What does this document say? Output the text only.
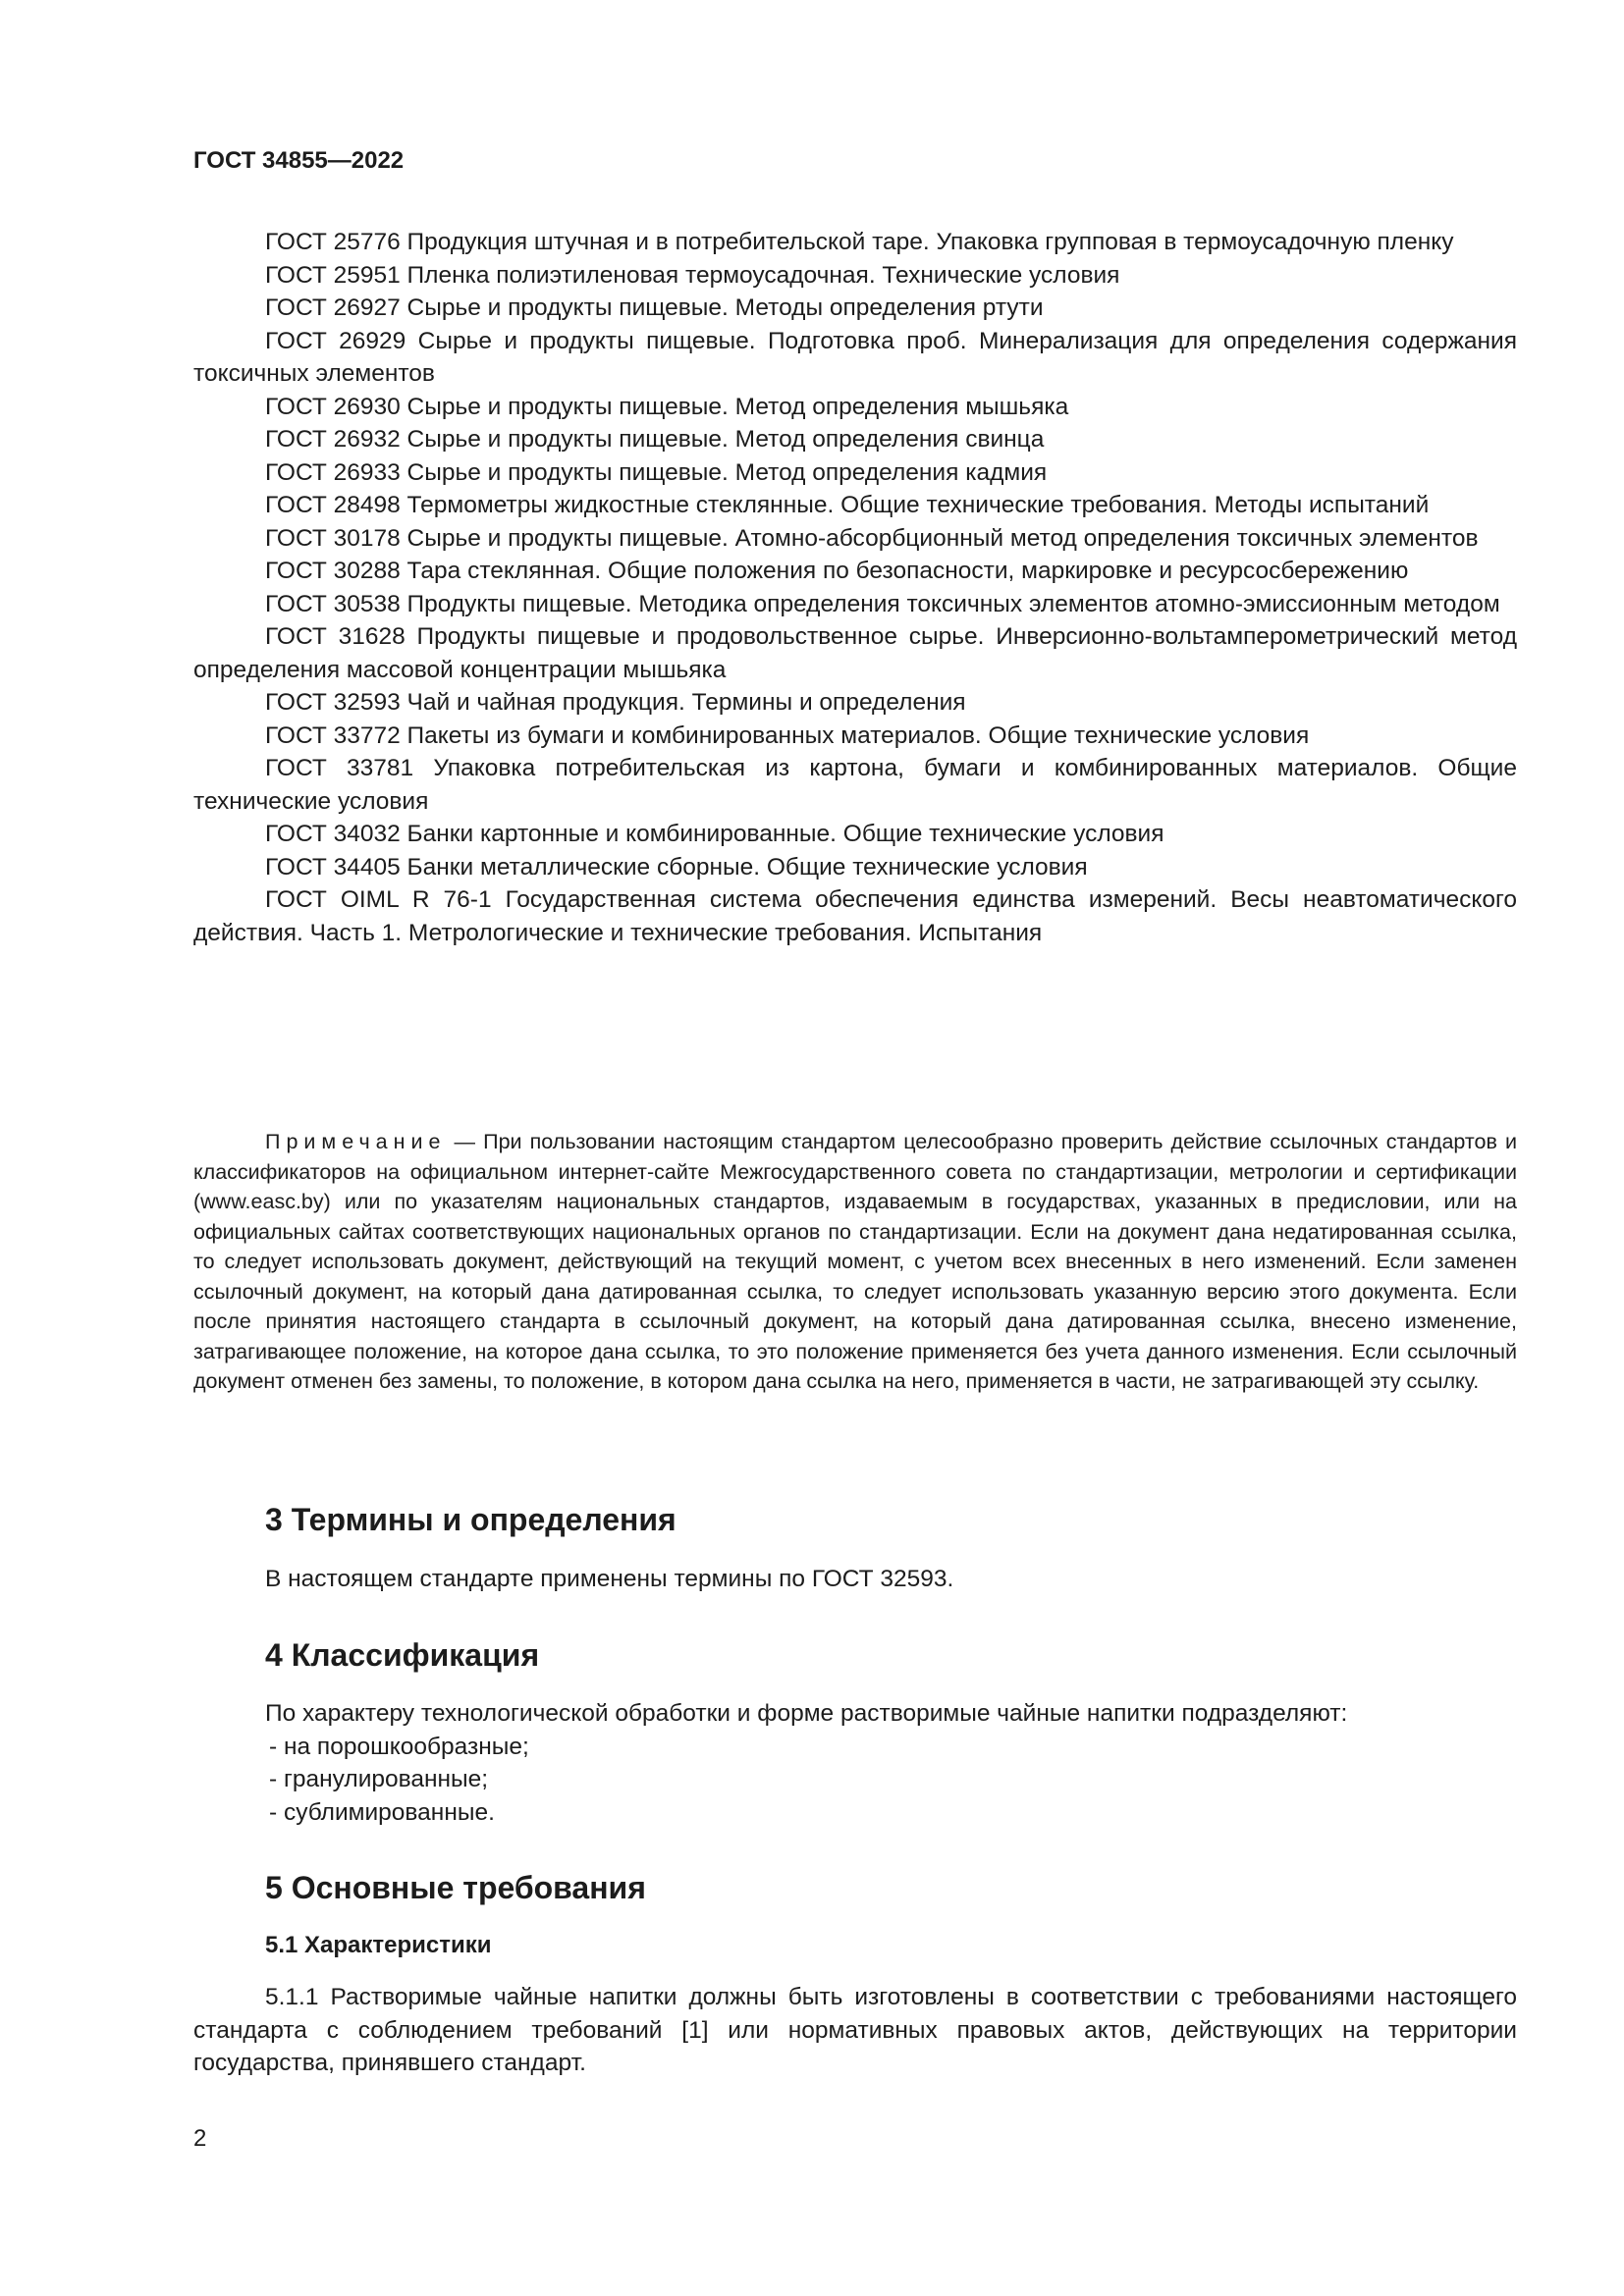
ГОСТ 34855—2022

ГОСТ 25776 Продукция штучная и в потребительской таре. Упаковка групповая в термоусадочную пленку

ГОСТ 25951 Пленка полиэтиленовая термоусадочная. Технические условия

ГОСТ 26927 Сырье и продукты пищевые. Методы определения ртути

ГОСТ 26929 Сырье и продукты пищевые. Подготовка проб. Минерализация для определения содержания токсичных элементов

ГОСТ 26930 Сырье и продукты пищевые. Метод определения мышьяка

ГОСТ 26932 Сырье и продукты пищевые. Метод определения свинца

ГОСТ 26933 Сырье и продукты пищевые. Метод определения кадмия

ГОСТ 28498 Термометры жидкостные стеклянные. Общие технические требования. Методы испытаний

ГОСТ 30178 Сырье и продукты пищевые. Атомно-абсорбционный метод определения токсичных элементов

ГОСТ 30288 Тара стеклянная. Общие положения по безопасности, маркировке и ресурсосбережению

ГОСТ 30538 Продукты пищевые. Методика определения токсичных элементов атомно-эмиссионным методом

ГОСТ 31628 Продукты пищевые и продовольственное сырье. Инверсионно-вольтамперометрический метод определения массовой концентрации мышьяка

ГОСТ 32593 Чай и чайная продукция. Термины и определения

ГОСТ 33772 Пакеты из бумаги и комбинированных материалов. Общие технические условия

ГОСТ 33781 Упаковка потребительская из картона, бумаги и комбинированных материалов. Общие технические условия

ГОСТ 34032 Банки картонные и комбинированные. Общие технические условия

ГОСТ 34405 Банки металлические сборные. Общие технические условия

ГОСТ OIML R 76-1 Государственная система обеспечения единства измерений. Весы неавтоматического действия. Часть 1. Метрологические и технические требования. Испытания

Примечание — При пользовании настоящим стандартом целесообразно проверить действие ссылочных стандартов и классификаторов на официальном интернет-сайте Межгосударственного совета по стандартизации, метрологии и сертификации (www.easc.by) или по указателям национальных стандартов, издаваемым в государствах, указанных в предисловии, или на официальных сайтах соответствующих национальных органов по стандартизации. Если на документ дана недатированная ссылка, то следует использовать документ, действующий на текущий момент, с учетом всех внесенных в него изменений. Если заменен ссылочный документ, на который дана датированная ссылка, то следует использовать указанную версию этого документа. Если после принятия настоящего стандарта в ссылочный документ, на который дана датированная ссылка, внесено изменение, затрагивающее положение, на которое дана ссылка, то это положение применяется без учета данного изменения. Если ссылочный документ отменен без замены, то положение, в котором дана ссылка на него, применяется в части, не затрагивающей эту ссылку.

3 Термины и определения

В настоящем стандарте применены термины по ГОСТ 32593.

4 Классификация

По характеру технологической обработки и форме растворимые чайные напитки подразделяют:

- на порошкообразные;

- гранулированные;

- сублимированные.

5 Основные требования
5.1 Характеристики

5.1.1 Растворимые чайные напитки должны быть изготовлены в соответствии с требованиями настоящего стандарта с соблюдением требований [1] или нормативных правовых актов, действующих на территории государства, принявшего стандарт.

2
